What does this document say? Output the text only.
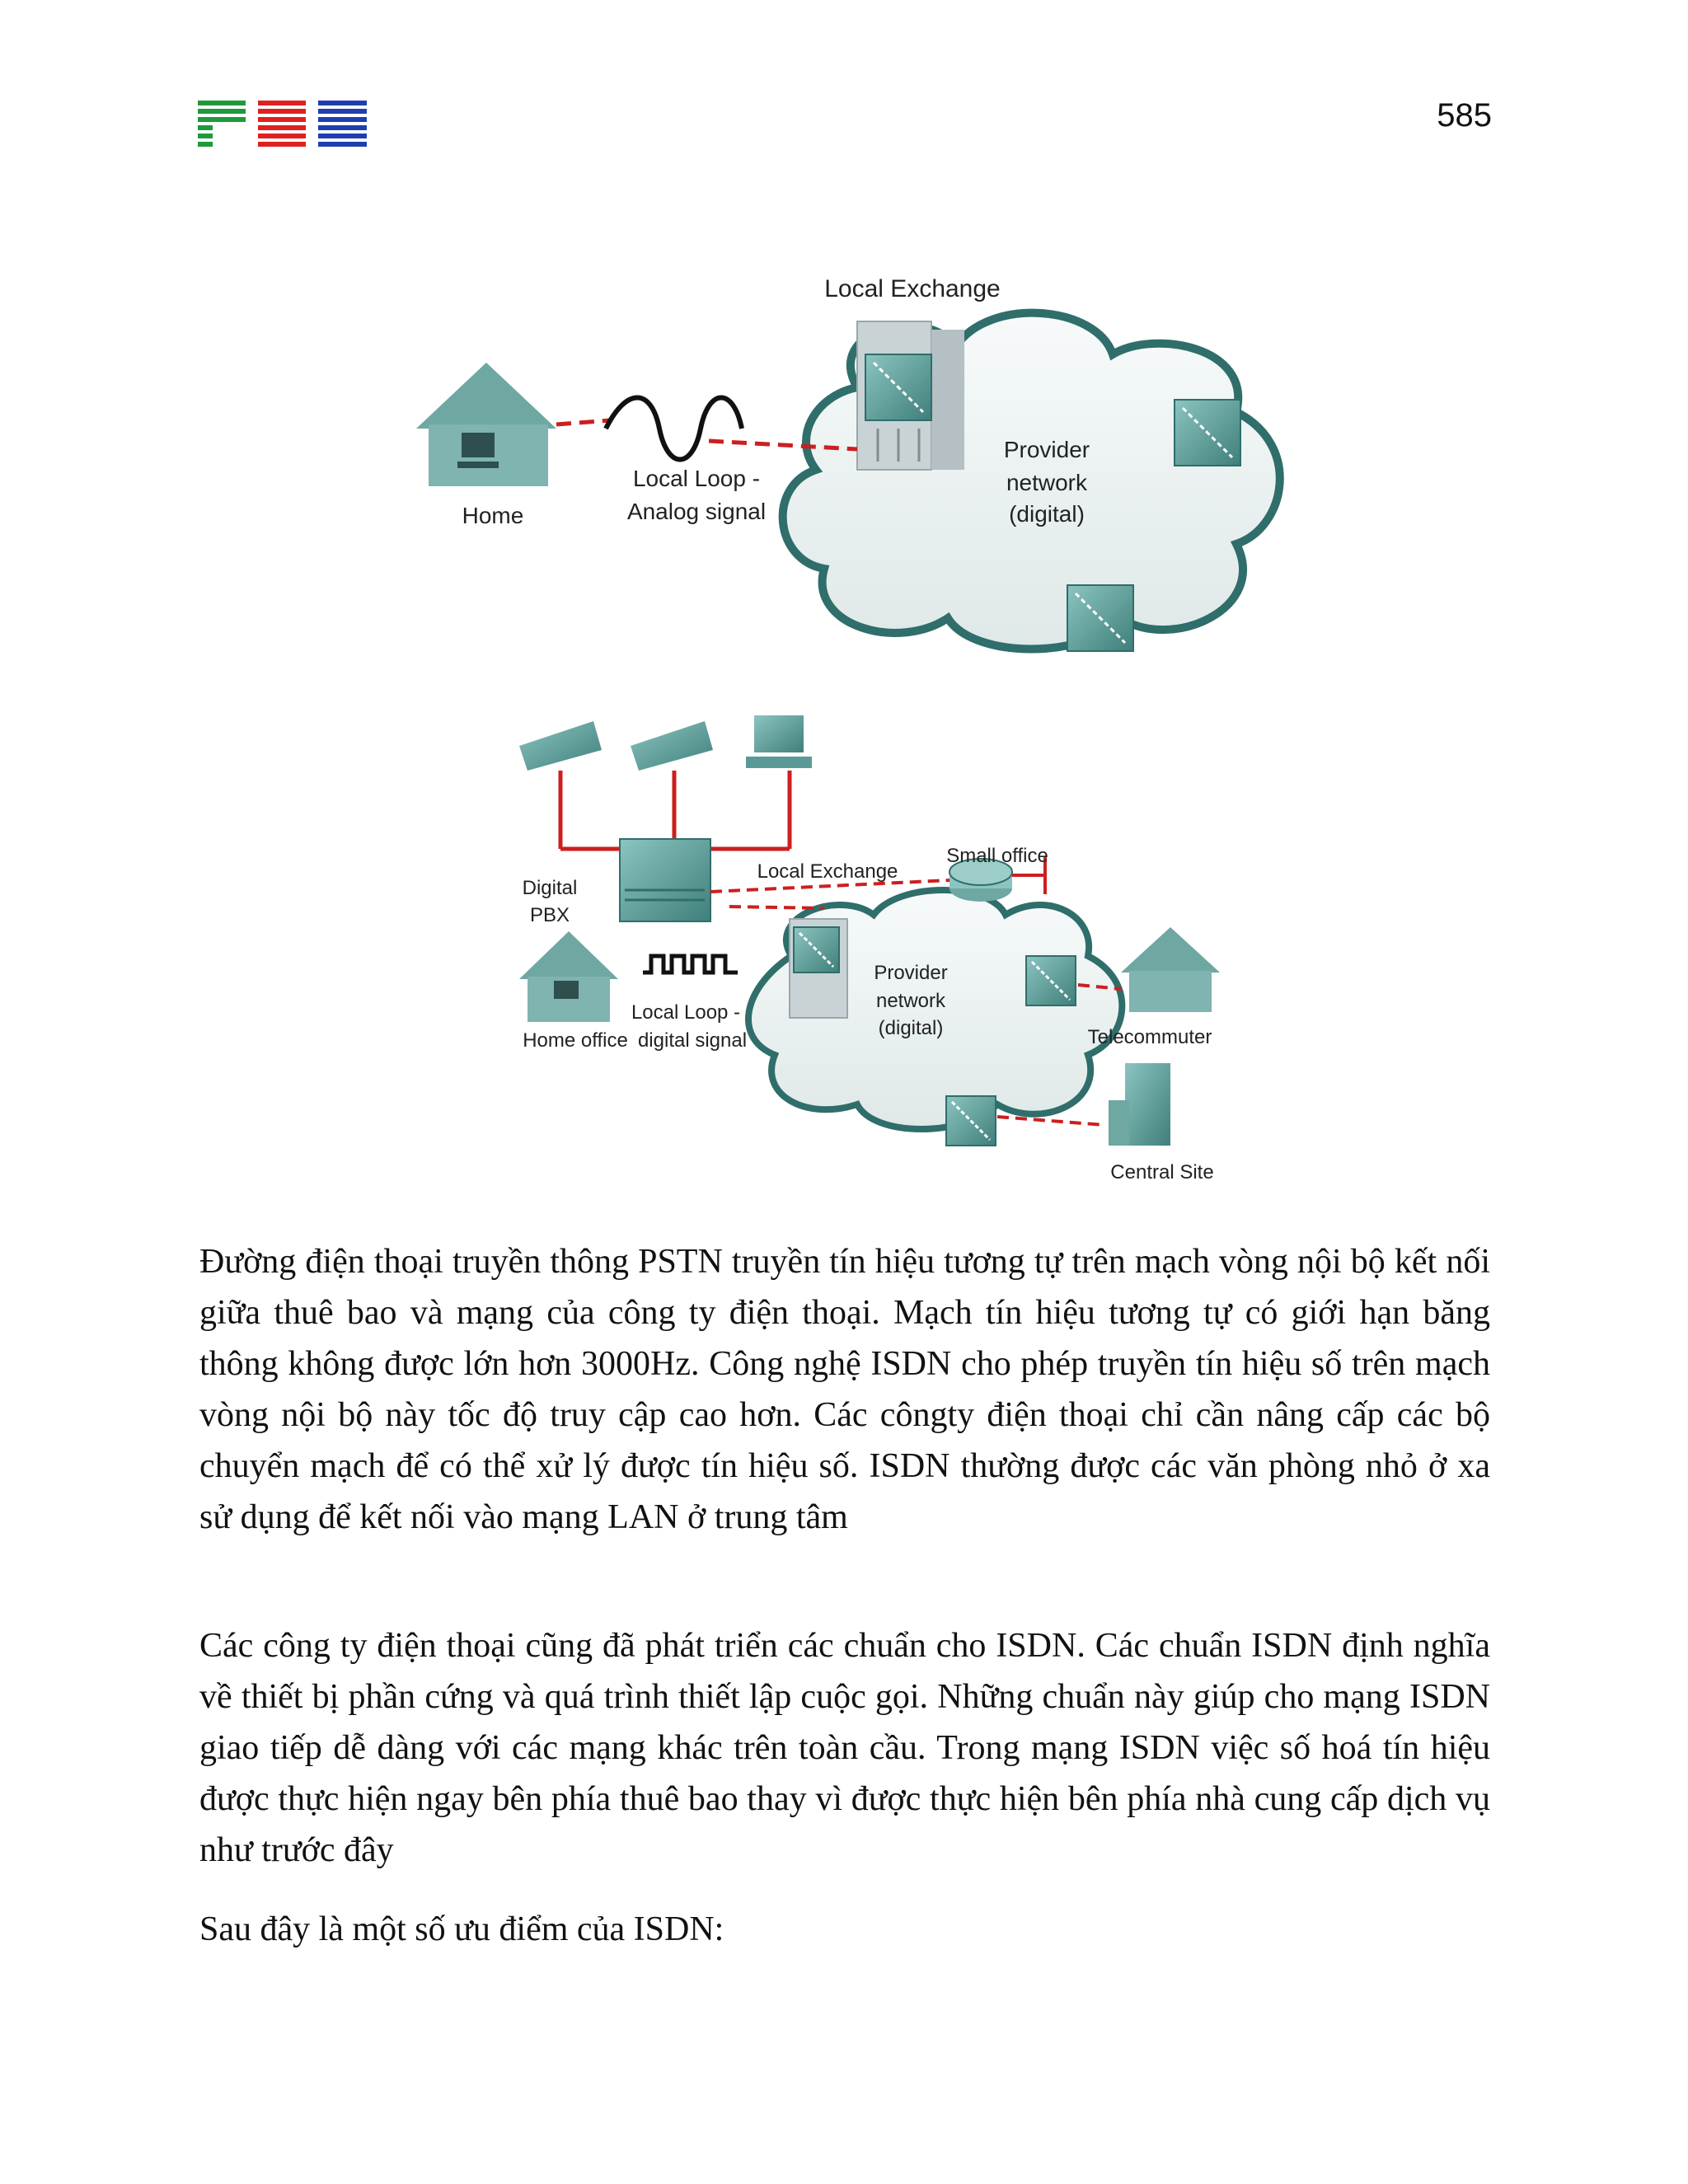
585
Local Exchange
Provider
network
(digital)
Home
Local Loop -
Analog signal
Digital
PBX
Local Exchange
Small office
Provider
network
(digital)
Local Loop -
Home office digital signal	Telecommuter
Central Site

Đường điện thoại truyền thông PSTN truyền tín hiệu tương tự trên mạch vòng nội bộ kết nối giữa thuê bao và mạng của công ty điện thoại. Mạch tín hiệu tương tự có giới hạn băng thông không được lớn hơn 3000Hz. Công nghệ ISDN cho phép truyền tín hiệu số trên mạch vòng nội bộ này tốc độ truy cập cao hơn. Các côngty điện thoại chỉ cần nâng cấp các bộ chuyển mạch để có thể xử lý được tín hiệu số. ISDN thường được các văn phòng nhỏ ở xa sử dụng để kết nối vào mạng LAN ở trung tâm

Các công ty điện thoại cũng đã phát triển các chuẩn cho ISDN. Các chuẩn ISDN định nghĩa về thiết bị phần cứng và quá trình thiết lập cuộc gọi. Những chuẩn này giúp cho mạng ISDN giao tiếp dễ dàng với các mạng khác trên toàn cầu. Trong mạng ISDN việc số hoá tín hiệu được thực hiện ngay bên phía thuê bao thay vì được thực hiện bên phía nhà cung cấp dịch vụ như trước đây

Sau đây là một số ưu điểm của ISDN:
